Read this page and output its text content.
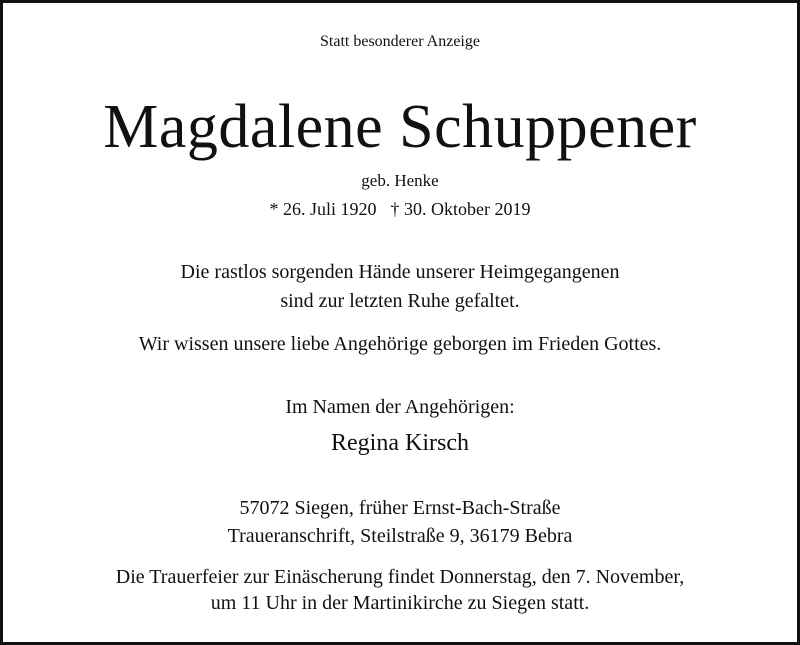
Statt besonderer Anzeige
Magdalene Schuppener
geb. Henke
* 26. Juli 1920 † 30. Oktober 2019
Die rastlos sorgenden Hände unserer Heimgegangenen
sind zur letzten Ruhe gefaltet.
Wir wissen unsere liebe Angehörige geborgen im Frieden Gottes.
Im Namen der Angehörigen:
Regina Kirsch
57072 Siegen, früher Ernst-Bach-Straße
Traueranschrift, Steilstraße 9, 36179 Bebra
Die Trauerfeier zur Einäscherung findet Donnerstag, den 7. November,
um 11 Uhr in der Martinikirche zu Siegen statt.
